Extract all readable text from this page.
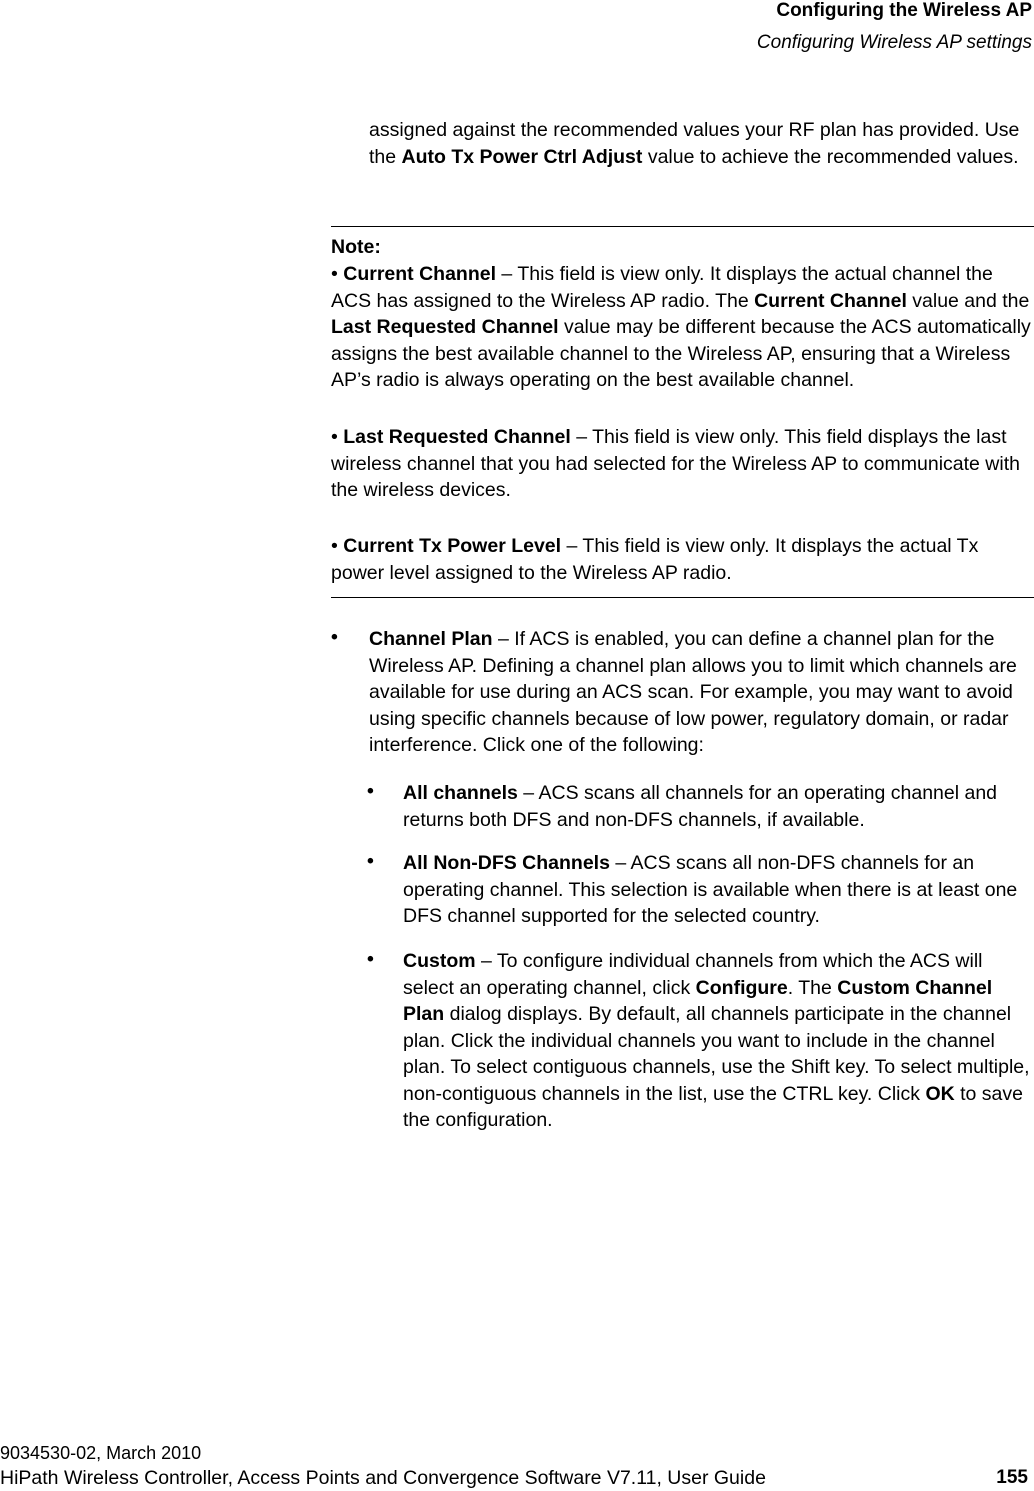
Configuring the Wireless AP
Configuring Wireless AP settings
assigned against the recommended values your RF plan has provided. Use the Auto Tx Power Ctrl Adjust value to achieve the recommended values.
Note:
• Current Channel – This field is view only. It displays the actual channel the ACS has assigned to the Wireless AP radio. The Current Channel value and the Last Requested Channel value may be different because the ACS automatically assigns the best available channel to the Wireless AP, ensuring that a Wireless AP’s radio is always operating on the best available channel.
• Last Requested Channel – This field is view only. This field displays the last wireless channel that you had selected for the Wireless AP to communicate with the wireless devices.
• Current Tx Power Level – This field is view only. It displays the actual Tx power level assigned to the Wireless AP radio.
• Channel Plan – If ACS is enabled, you can define a channel plan for the Wireless AP. Defining a channel plan allows you to limit which channels are available for use during an ACS scan. For example, you may want to avoid using specific channels because of low power, regulatory domain, or radar interference. Click one of the following:
• All channels – ACS scans all channels for an operating channel and returns both DFS and non-DFS channels, if available.
• All Non-DFS Channels – ACS scans all non-DFS channels for an operating channel. This selection is available when there is at least one DFS channel supported for the selected country.
• Custom – To configure individual channels from which the ACS will select an operating channel, click Configure. The Custom Channel Plan dialog displays. By default, all channels participate in the channel plan. Click the individual channels you want to include in the channel plan. To select contiguous channels, use the Shift key. To select multiple, non-contiguous channels in the list, use the CTRL key. Click OK to save the configuration.
9034530-02, March 2010
HiPath Wireless Controller, Access Points and Convergence Software V7.11, User Guide	155
